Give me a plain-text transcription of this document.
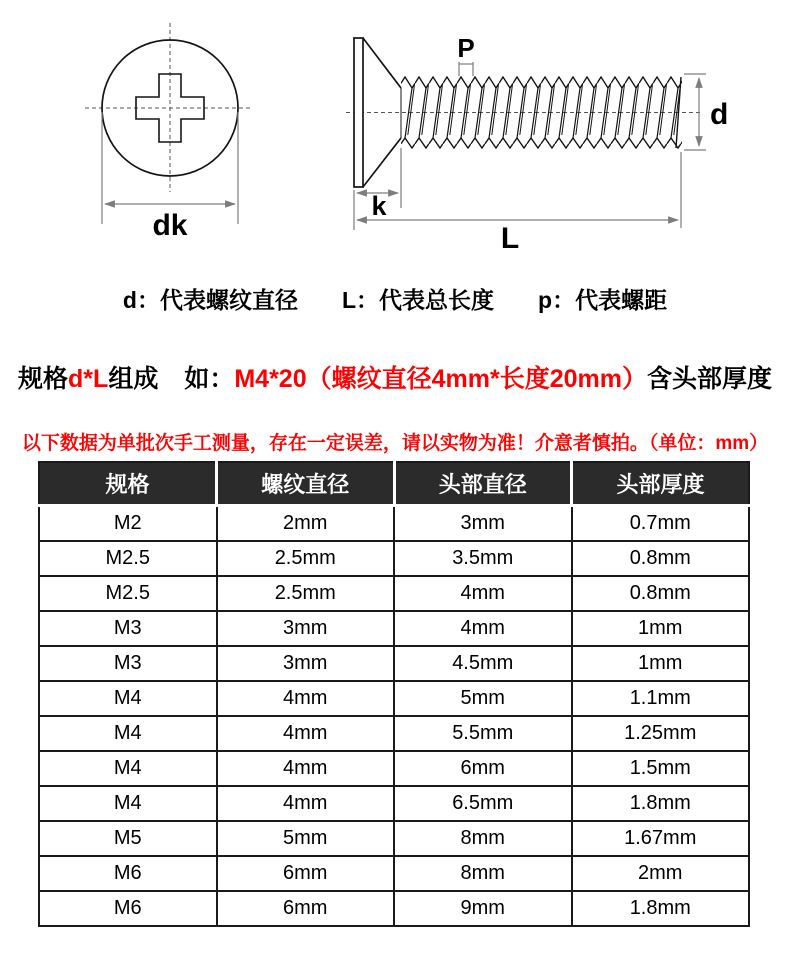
dk
P
d
k
L
d：代表螺纹直径 L：代表总长度 p：代表螺距
规格d*L组成 如：M4*20（螺纹直径4mm*长度20mm）含头部厚度
以下数据为单批次手工测量，存在一定误差，请以实物为准！介意者慎拍。（单位：mm）
规格	螺纹直径	头部直径	头部厚度
M2	2mm	3mm	0.7mm
M2.5	2.5mm	3.5mm	0.8mm
M2.5	2.5mm	4mm	0.8mm
M3	3mm	4mm	1mm
M3	3mm	4.5mm	1mm
M4	4mm	5mm	1.1mm
M4	4mm	5.5mm	1.25mm
M4	4mm	6mm	1.5mm
M4	4mm	6.5mm	1.8mm
M5	5mm	8mm	1.67mm
M6	6mm	8mm	2mm
M6	6mm	9mm	1.8mm
